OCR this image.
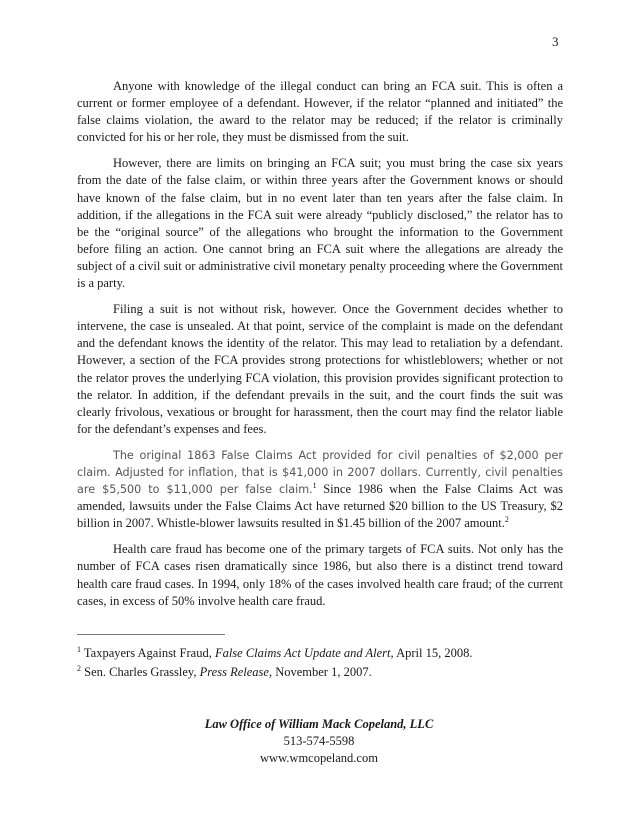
3

Anyone with knowledge of the illegal conduct can bring an FCA suit. This is often a current or former employee of a defendant. However, if the relator “planned and initiated” the false claims violation, the award to the relator may be reduced; if the relator is criminally convicted for his or her role, they must be dismissed from the suit.

However, there are limits on bringing an FCA suit; you must bring the case six years from the date of the false claim, or within three years after the Government knows or should have known of the false claim, but in no event later than ten years after the false claim. In addition, if the allegations in the FCA suit were already “publicly disclosed,” the relator has to be the “original source” of the allegations who brought the information to the Government before filing an action. One cannot bring an FCA suit where the allegations are already the subject of a civil suit or administrative civil monetary penalty proceeding where the Government is a party.

Filing a suit is not without risk, however. Once the Government decides whether to intervene, the case is unsealed. At that point, service of the complaint is made on the defendant and the defendant knows the identity of the relator. This may lead to retaliation by a defendant. However, a section of the FCA provides strong protections for whistleblowers; whether or not the relator proves the underlying FCA violation, this provision provides significant protection to the relator. In addition, if the defendant prevails in the suit, and the court finds the suit was clearly frivolous, vexatious or brought for harassment, then the court may find the relator liable for the defendant’s expenses and fees.

The original 1863 False Claims Act provided for civil penalties of $2,000 per claim. Adjusted for inflation, that is $41,000 in 2007 dollars. Currently, civil penalties are $5,500 to $11,000 per false claim.$^1$ Since 1986 when the False Claims Act was amended, lawsuits under the False Claims Act have returned $20 billion to the US Treasury, $2 billion in 2007. Whistle-blower lawsuits resulted in $1.45 billion of the 2007 amount.$^2$

Health care fraud has become one of the primary targets of FCA suits. Not only has the number of FCA cases risen dramatically since 1986, but also there is a distinct trend toward health care fraud cases. In 1994, only 18% of the cases involved health care fraud; of the current cases, in excess of 50% involve health care fraud.

$^1$ Taxpayers Against Fraud, False Claims Act Update and Alert, April 15, 2008.
$^2$ Sen. Charles Grassley, Press Release, November 1, 2007.
Law Office of William Mack Copeland, LLC
513-574-5598
www.wmcopeland.com
